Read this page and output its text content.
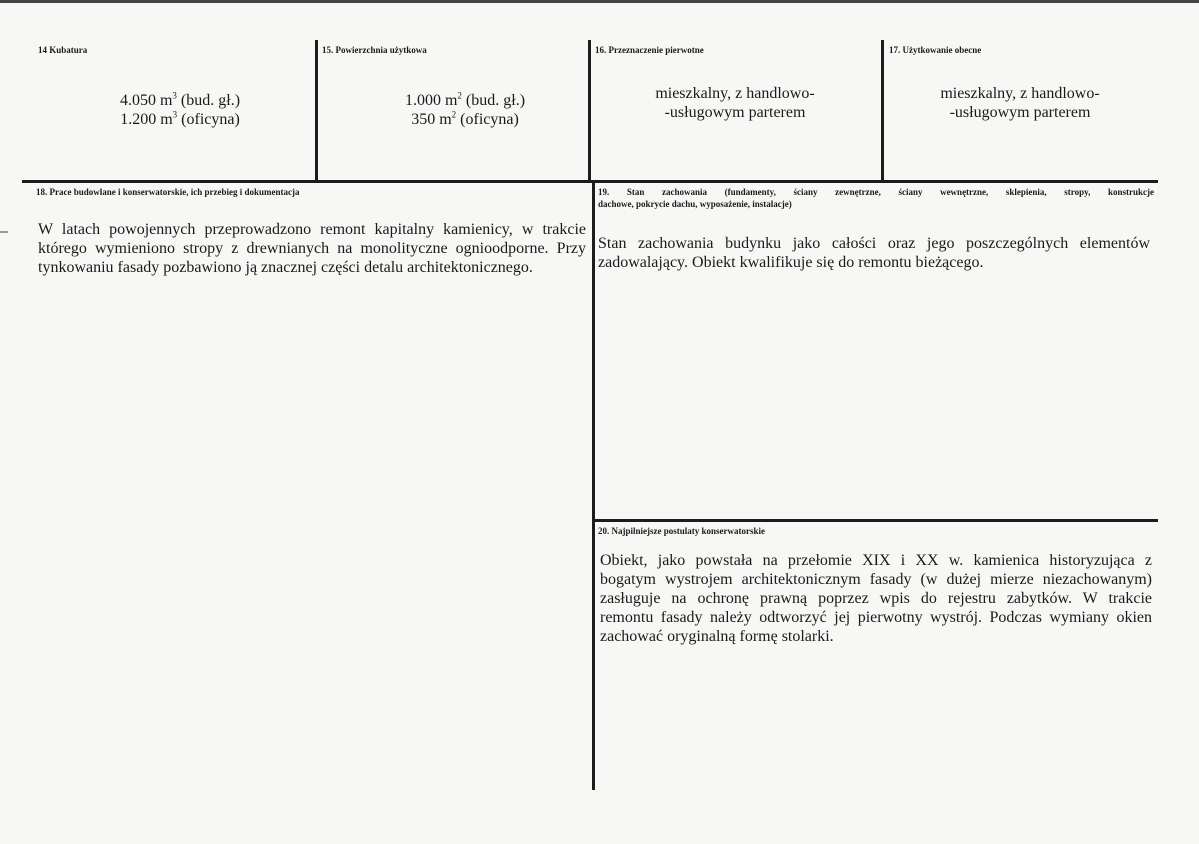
14 Kubatura
4.050 $m^3$ (bud. gł.)
1.200 $m^3$ (oficyna)
15. Powierzchnia użytkowa
1.000 $m^2$ (bud. gł.)
350 $m^2$ (oficyna)
16. Przeznaczenie pierwotne
mieszkalny, z handlowo-
-usługowym parterem
17. Użytkowanie obecne
mieszkalny, z handlowo-
-usługowym parterem
18. Prace budowlane i konserwatorskie, ich przebieg i dokumentacja
W latach powojennych przeprowadzono remont kapitalny kamienicy, w trakcie
którego wymieniono stropy z drewnianych na monolityczne ognioodporne. Przy
tynkowaniu fasady pozbawiono ją znacznej części detalu architektonicznego.
19. Stan zachowania (fundamenty, ściany zewnętrzne, ściany wewnętrzne, sklepienia, stropy, konstrukcje
dachowe, pokrycie dachu, wyposażenie, instalacje)
Stan zachowania budynku jako całości oraz jego poszczególnych elementów
zadowalający. Obiekt kwalifikuje się do remontu bieżącego.
20. Najpilniejsze postulaty konserwatorskie
Obiekt, jako powstała na przełomie XIX i XX w. kamienica historyzująca z
bogatym wystrojem architektonicznym fasady (w dużej mierze niezachowanym)
zasługuje na ochronę prawną poprzez wpis do rejestru zabytków. W trakcie
remontu fasady należy odtworzyć jej pierwotny wystrój. Podczas wymiany okien
zachować oryginalną formę stolarki.
